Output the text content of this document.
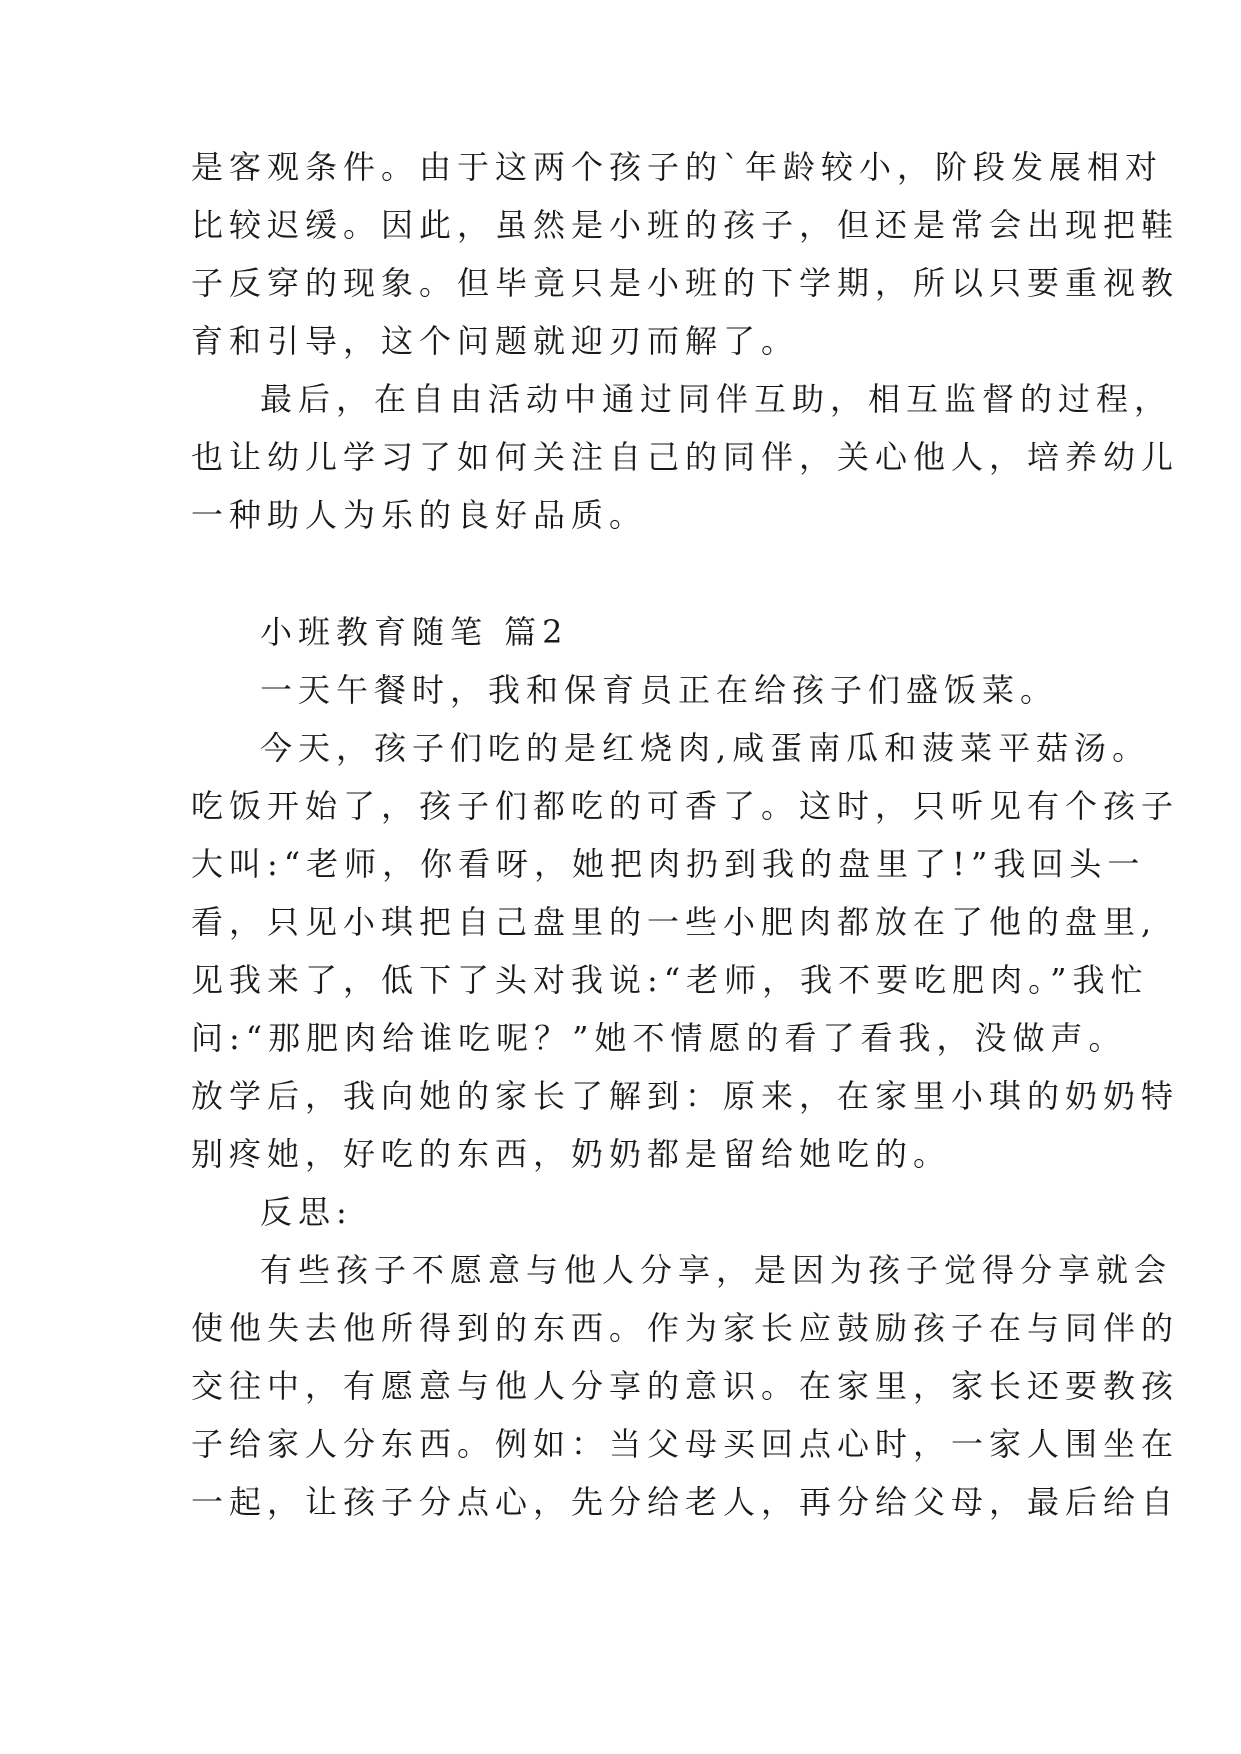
是客观条件。由于这两个孩子的`年龄较小，阶段发展相对
比较迟缓。因此，虽然是小班的孩子，但还是常会出现把鞋
子反穿的现象。但毕竟只是小班的下学期，所以只要重视教
育和引导，这个问题就迎刃而解了。
最后，在自由活动中通过同伴互助，相互监督的过程，
也让幼儿学习了如何关注自己的同伴，关心他人，培养幼儿
一种助人为乐的良好品质。
小班教育随笔 篇2
一天午餐时，我和保育员正在给孩子们盛饭菜。
今天，孩子们吃的是红烧肉,咸蛋南瓜和菠菜平菇汤。
吃饭开始了，孩子们都吃的可香了。这时，只听见有个孩子
大叫:“老师，你看呀，她把肉扔到我的盘里了!”我回头一
看，只见小琪把自己盘里的一些小肥肉都放在了他的盘里,
见我来了，低下了头对我说:“老师，我不要吃肥肉。”我忙
问:“那肥肉给谁吃呢？”她不情愿的看了看我，没做声。
放学后，我向她的家长了解到：原来，在家里小琪的奶奶特
别疼她，好吃的东西，奶奶都是留给她吃的。
反思:
有些孩子不愿意与他人分享，是因为孩子觉得分享就会
使他失去他所得到的东西。作为家长应鼓励孩子在与同伴的
交往中，有愿意与他人分享的意识。在家里，家长还要教孩
子给家人分东西。例如：当父母买回点心时，一家人围坐在
一起，让孩子分点心，先分给老人，再分给父母，最后给自
